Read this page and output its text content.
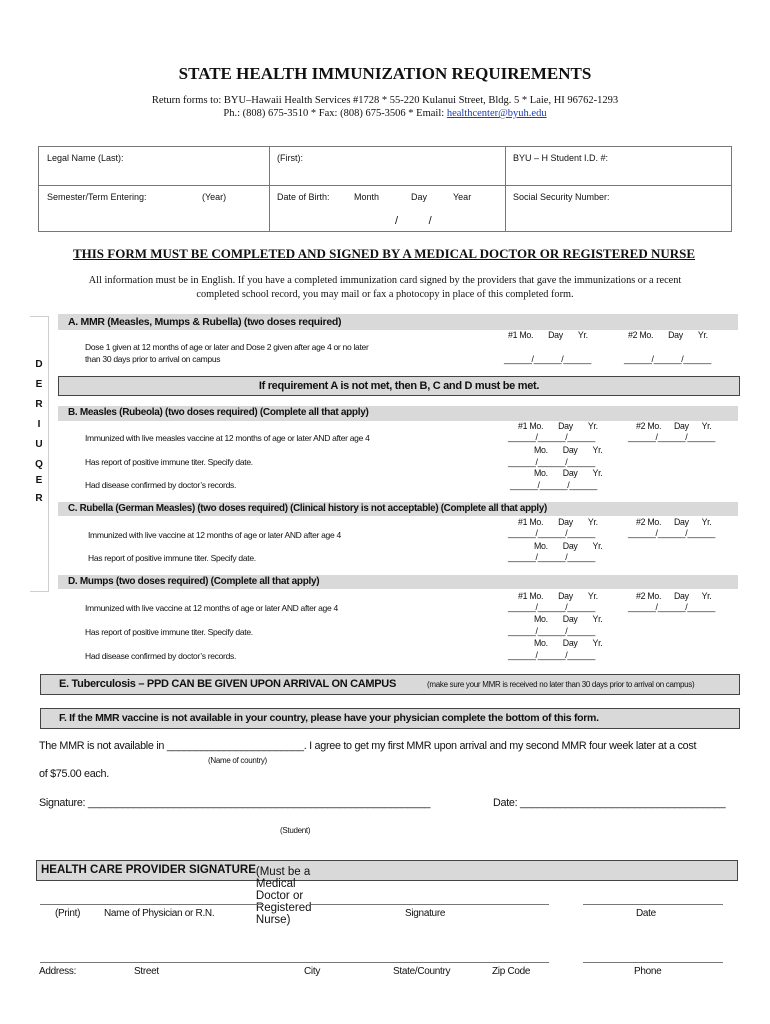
STATE HEALTH IMMUNIZATION REQUIREMENTS
Return forms to: BYU–Hawaii Health Services #1728 * 55-220 Kulanui Street, Bldg. 5 * Laie, HI 96762-1293
Ph.: (808) 675-3510 * Fax: (808) 675-3506 * Email: healthcenter@byuh.edu
Legal Name (Last):	(First):	BYU – H Student I.D. #:
Semester/Term Entering:	(Year)	Date of Birth:	Month	Day	Year
/          /
Social Security Number:
THIS FORM MUST BE COMPLETED AND SIGNED BY A MEDICAL DOCTOR OR REGISTERED NURSE
All information must be in English. If you have a completed immunization card signed by the providers that gave the immunizations or a recent
completed school record, you may mail or fax a photocopy in place of this completed form.
D
E
R
I
U
Q
E
R
A. MMR (Measles, Mumps & Rubella) (two doses required)
#1 Mo. Day Yr.	#2 Mo. Day Yr.
Dose 1 given at 12 months of age or later and Dose 2 given after age 4 or no later
than 30 days prior to arrival on campus	______/______/______	______/______/______
If requirement A is not met, then B, C and D must be met.
B. Measles (Rubeola) (two doses required) (Complete all that apply)
#1 Mo. Day Yr.	#2 Mo. Day Yr.
Immunized with live measles vaccine at 12 months of age or later AND after age 4	______/______/______	______/______/______
Mo. Day Yr.
Has report of positive immune titer. Specify date.	______/______/______
Mo. Day Yr.
Had disease confirmed by doctor’s records.	______/______/______
C. Rubella (German Measles) (two doses required) (Clinical history is not acceptable) (Complete all that apply)
#1 Mo. Day Yr.	#2 Mo. Day Yr.
Immunized with live vaccine at 12 months of age or later AND after age 4	______/______/______	______/______/______
Mo. Day Yr.
Has report of positive immune titer. Specify date.	______/______/______
D. Mumps (two doses required) (Complete all that apply)
#1 Mo. Day Yr.	#2 Mo. Day Yr.
Immunized with live vaccine at 12 months of age or later AND after age 4	______/______/______	______/______/______
Mo. Day Yr.
Has report of positive immune titer. Specify date.	______/______/______
Mo. Day Yr.
Had disease confirmed by doctor’s records.	______/______/______
E. Tuberculosis – PPD CAN BE GIVEN UPON ARRIVAL ON CAMPUS	(make sure your MMR is received no later than 30 days prior to arrival on campus)
F. If the MMR vaccine is not available in your country, please have your physician complete the bottom of this form.
The MMR is not available in ________________________. I agree to get my first MMR upon arrival and my second MMR four week later at a cost
(Name of country)
of $75.00 each.
Signature: ____________________________________________________________	Date: ____________________________________
(Student)
HEALTH CARE PROVIDER SIGNATURE (Must be a Medical Doctor or Registered Nurse)
(Print) Name of Physician or R.N.	Signature	Date
Address:	Street	City	State/Country	Zip Code	Phone
